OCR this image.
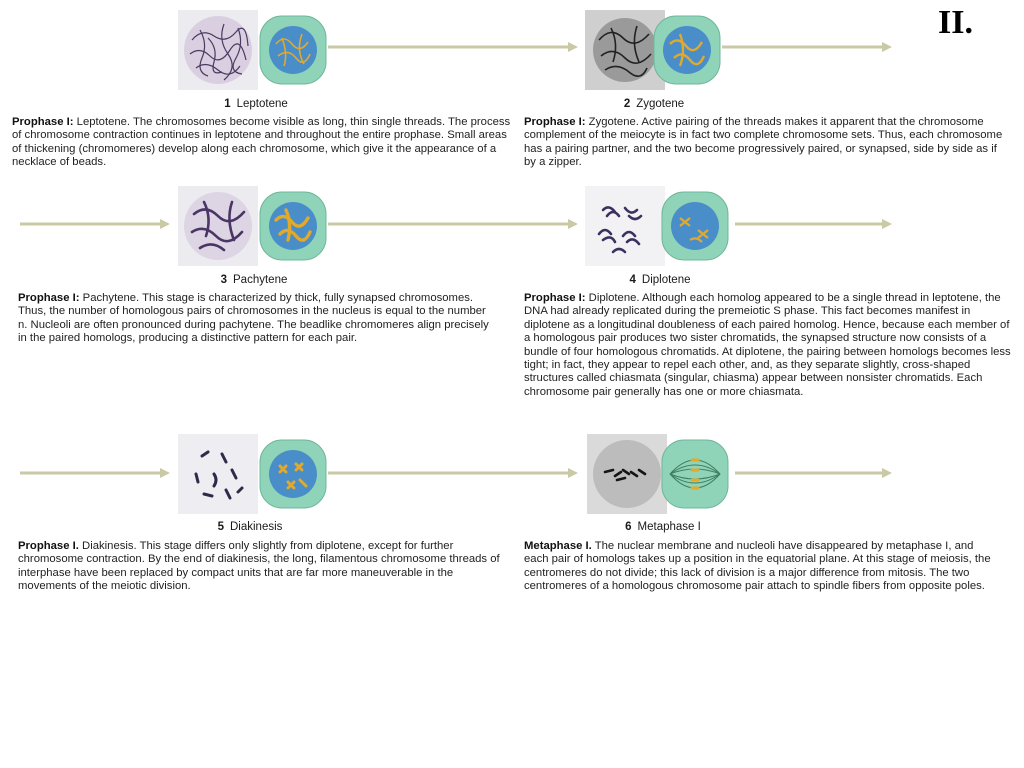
II.
1 Leptotene
Prophase I: Leptotene. The chromosomes become visible as long, thin single threads. The process of chromosome contraction continues in leptotene and throughout the entire prophase. Small areas of thickening (chromomeres) develop along each chromosome, which give it the appearance of a necklace of beads.
2 Zygotene
Prophase I: Zygotene. Active pairing of the threads makes it apparent that the chromosome complement of the meiocyte is in fact two complete chromosome sets. Thus, each chromosome has a pairing partner, and the two become progressively paired, or synapsed, side by side as if by a zipper.
3 Pachytene
Prophase I: Pachytene. This stage is characterized by thick, fully synapsed chromosomes. Thus, the number of homologous pairs of chromosomes in the nucleus is equal to the number n. Nucleoli are often pronounced during pachytene. The beadlike chromomeres align precisely in the paired homologs, producing a distinctive pattern for each pair.
4 Diplotene
Prophase I: Diplotene. Although each homolog appeared to be a single thread in leptotene, the DNA had already replicated during the premeiotic S phase. This fact becomes manifest in diplotene as a longitudinal doubleness of each paired homolog. Hence, because each member of a homologous pair produces two sister chromatids, the synapsed structure now consists of a bundle of four homologous chromatids. At diplotene, the pairing between homologs becomes less tight; in fact, they appear to repel each other, and, as they separate slightly, cross-shaped structures called chiasmata (singular, chiasma) appear between nonsister chromatids. Each chromosome pair generally has one or more chiasmata.
5 Diakinesis
Prophase I. Diakinesis. This stage differs only slightly from diplotene, except for further chromosome contraction. By the end of diakinesis, the long, filamentous chromosome threads of interphase have been replaced by compact units that are far more maneuverable in the movements of the meiotic division.
6 Metaphase I
Metaphase I. The nuclear membrane and nucleoli have disappeared by metaphase I, and each pair of homologs takes up a position in the equatorial plane. At this stage of meiosis, the centromeres do not divide; this lack of division is a major difference from mitosis. The two centromeres of a homologous chromosome pair attach to spindle fibers from opposite poles.
